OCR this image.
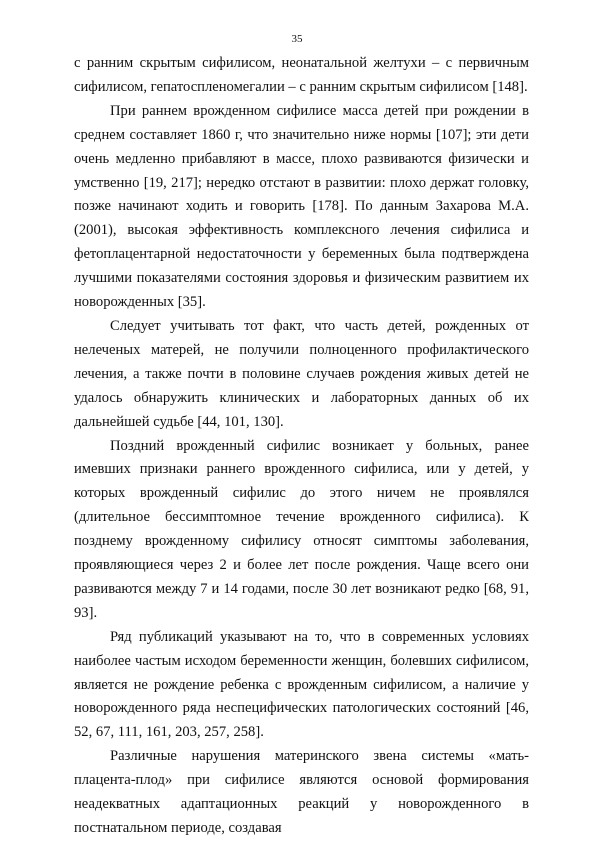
35

с ранним скрытым сифилисом, неонатальной желтухи – с первичным сифилисом, гепатоспленомегалии – с ранним скрытым сифилисом [148].

При раннем врожденном сифилисе масса детей при рождении в среднем составляет 1860 г, что значительно ниже нормы [107]; эти дети очень медленно прибавляют в массе, плохо развиваются физически и умственно [19, 217]; нередко отстают в развитии: плохо держат головку, позже начинают ходить и говорить [178]. По данным Захарова М.А. (2001), высокая эффективность комплексного лечения сифилиса и фетоплацентарной недостаточности у беременных была подтверждена лучшими показателями состояния здоровья и физическим развитием их новорожденных [35].

Следует учитывать тот факт, что часть детей, рожденных от нелеченых матерей, не получили полноценного профилактического лечения, а также почти в половине случаев рождения живых детей не удалось обнаружить клинических и лабораторных данных об их дальнейшей судьбе [44, 101, 130].

Поздний врожденный сифилис возникает у больных, ранее имевших признаки раннего врожденного сифилиса, или у детей, у которых врожденный сифилис до этого ничем не проявлялся (длительное бессимптомное течение врожденного сифилиса). К позднему врожденному сифилису относят симптомы заболевания, проявляющиеся через 2 и более лет после рождения. Чаще всего они развиваются между 7 и 14 годами, после 30 лет возникают редко [68, 91, 93].

Ряд публикаций указывают на то, что в современных условиях наиболее частым исходом беременности женщин, болевших сифилисом, является не рождение ребенка с врожденным сифилисом, а наличие у новорожденного ряда неспецифических патологических состояний [46, 52, 67, 111, 161, 203, 257, 258].

Различные нарушения материнского звена системы «мать-плацента-плод» при сифилисе являются основой формирования неадекватных адаптационных реакций у новорожденного в постнатальном периоде, создавая
